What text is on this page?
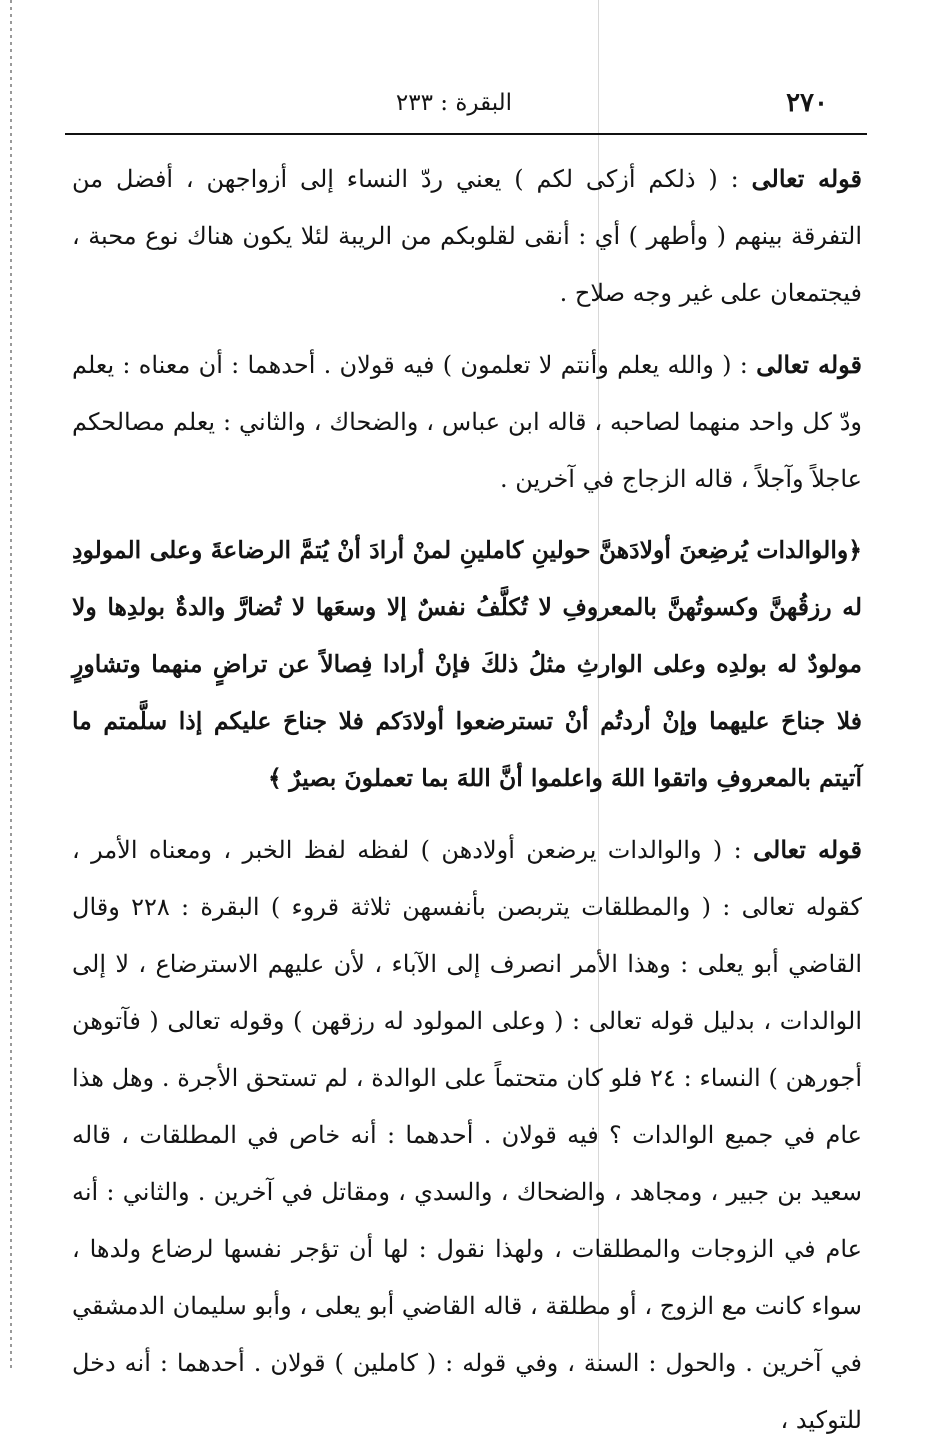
٢٧٠
البقرة : ٢٣٣

قوله تعالى : ( ذلكم أزكى لكم ) يعني ردّ النساء إلى أزواجهن ، أفضل من التفرقة بينهم ( وأطهر ) أي : أنقى لقلوبكم من الريبة لئلا يكون هناك نوع محبة ، فيجتمعان على غير وجه صلاح .

قوله تعالى : ( والله يعلم وأنتم لا تعلمون ) فيه قولان . أحدهما : أن معناه : يعلم ودّ كل واحد منهما لصاحبه ، قاله ابن عباس ، والضحاك ، والثاني : يعلم مصالحكم عاجلاً وآجلاً ، قاله الزجاج في آخرين .

﴿والوالدات يُرضِعنَ أولادَهنَّ حولينِ كاملينِ لمنْ أرادَ أنْ يُتمَّ الرضاعةَ وعلى المولودِ له رزقُهنَّ وكسوتُهنَّ بالمعروفِ لا تُكلَّفُ نفسٌ إلا وسعَها لا تُضارَّ والدةٌ بولدِها ولا مولودٌ له بولدِه وعلى الوارثِ مثلُ ذلكَ فإنْ أرادا فِصالاً عن تراضٍ منهما وتشاورٍ فلا جناحَ عليهما وإنْ أردتُم أنْ تسترضعوا أولادَكم فلا جناحَ عليكم إذا سلَّمتم ما آتيتم بالمعروفِ واتقوا اللهَ واعلموا أنَّ اللهَ بما تعملونَ بصيرٌ ﴾

قوله تعالى : ( والوالدات يرضعن أولادهن ) لفظه لفظ الخبر ، ومعناه الأمر ، كقوله تعالى : ( والمطلقات يتربصن بأنفسهن ثلاثة قروء ) البقرة : ٢٢٨ وقال القاضي أبو يعلى : وهذا الأمر انصرف إلى الآباء ، لأن عليهم الاسترضاع ، لا إلى الوالدات ، بدليل قوله تعالى : ( وعلى المولود له رزقهن ) وقوله تعالى ( فآتوهن أجورهن ) النساء : ٢٤ فلو كان متحتماً على الوالدة ، لم تستحق الأجرة . وهل هذا عام في جميع الوالدات ؟ فيه قولان . أحدهما : أنه خاص في المطلقات ، قاله سعيد بن جبير ، ومجاهد ، والضحاك ، والسدي ، ومقاتل في آخرين . والثاني : أنه عام في الزوجات والمطلقات ، ولهذا نقول : لها أن تؤجر نفسها لرضاع ولدها ، سواء كانت مع الزوج ، أو مطلقة ، قاله القاضي أبو يعلى ، وأبو سليمان الدمشقي في آخرين . والحول : السنة ، وفي قوله : ( كاملين ) قولان . أحدهما : أنه دخل للتوكيد ،
